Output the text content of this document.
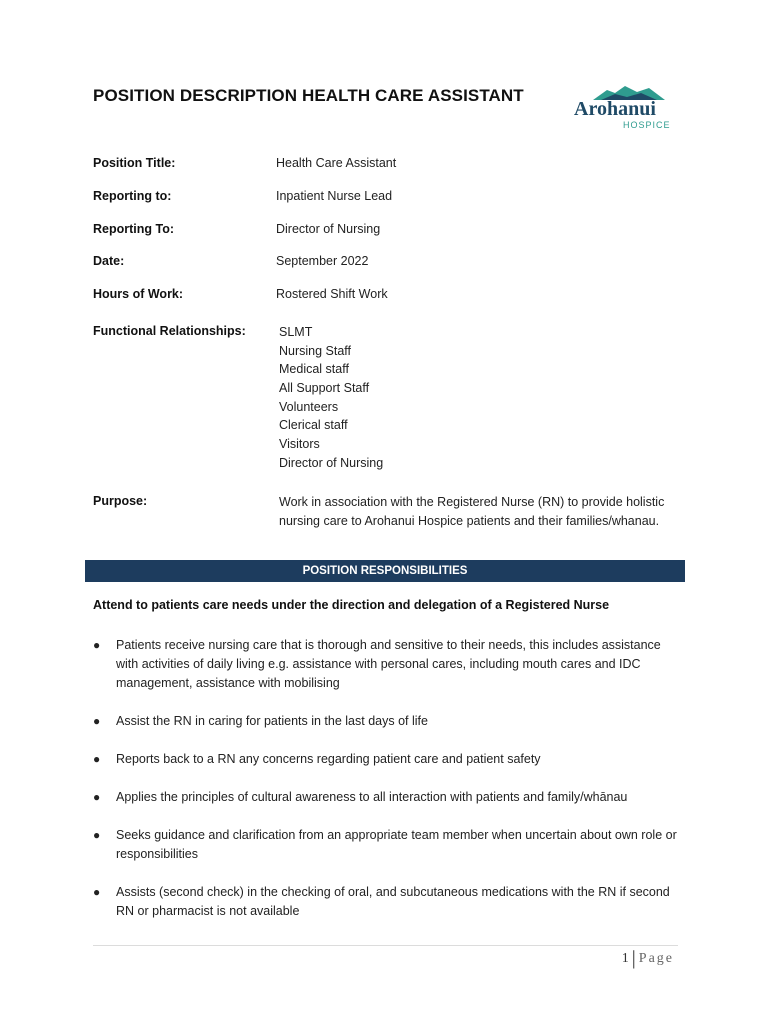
POSITION DESCRIPTION HEALTH CARE ASSISTANT
Arohanui
HOSPICE
Position Title:	Health Care Assistant
Reporting to:	Inpatient Nurse Lead
Reporting To:	Director of Nursing
Date:	September 2022
Hours of Work:	Rostered Shift Work
Functional Relationships:	SLMT
Nursing Staff
Medical staff
All Support Staff
Volunteers
Clerical staff
Visitors
Director of Nursing
Purpose:	Work in association with the Registered Nurse (RN) to provide holistic nursing care to Arohanui Hospice patients and their families/whanau.
POSITION RESPONSIBILITIES
Attend to patients care needs under the direction and delegation of a Registered Nurse
● Patients receive nursing care that is thorough and sensitive to their needs, this includes assistance with activities of daily living e.g. assistance with personal cares, including mouth cares and IDC management, assistance with mobilising
● Assist the RN in caring for patients in the last days of life
● Reports back to a RN any concerns regarding patient care and patient safety
● Applies the principles of cultural awareness to all interaction with patients and family/whānau
● Seeks guidance and clarification from an appropriate team member when uncertain about own role or responsibilities
● Assists (second check) in the checking of oral, and subcutaneous medications with the RN if second RN or pharmacist is not available
1 | Page
